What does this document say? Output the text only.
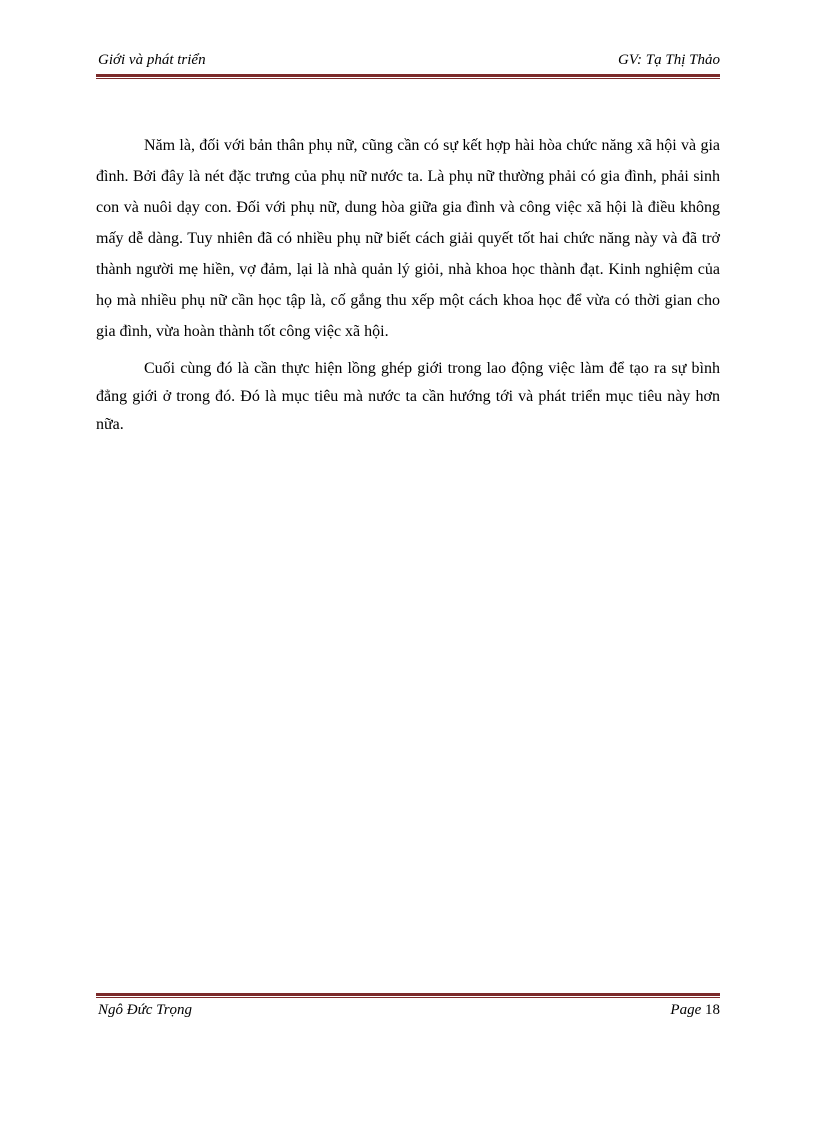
Giới và phát triển	GV: Tạ Thị Thảo

Năm là, đối với bản thân phụ nữ, cũng cần có sự kết hợp hài hòa chức năng xã hội và gia đình. Bởi đây là nét đặc trưng của phụ nữ nước ta. Là phụ nữ thường phải có gia đình, phải sinh con và nuôi dạy con. Đối với phụ nữ, dung hòa giữa gia đình và công việc xã hội là điều không mấy dễ dàng. Tuy nhiên đã có nhiều phụ nữ biết cách giải quyết tốt hai chức năng này và đã trở thành người mẹ hiền, vợ đảm, lại là nhà quản lý giỏi, nhà khoa học thành đạt. Kinh nghiệm của họ mà nhiều phụ nữ cần học tập là, cố gắng thu xếp một cách khoa học để vừa có thời gian cho gia đình, vừa hoàn thành tốt công việc xã hội.

Cuối cùng đó là cần thực hiện lồng ghép giới trong lao động việc làm để tạo ra sự bình đẳng giới ở trong đó. Đó là mục tiêu mà nước ta cần hướng tới và phát triển mục tiêu này hơn nữa.

Ngô Đức Trọng	Page 18
